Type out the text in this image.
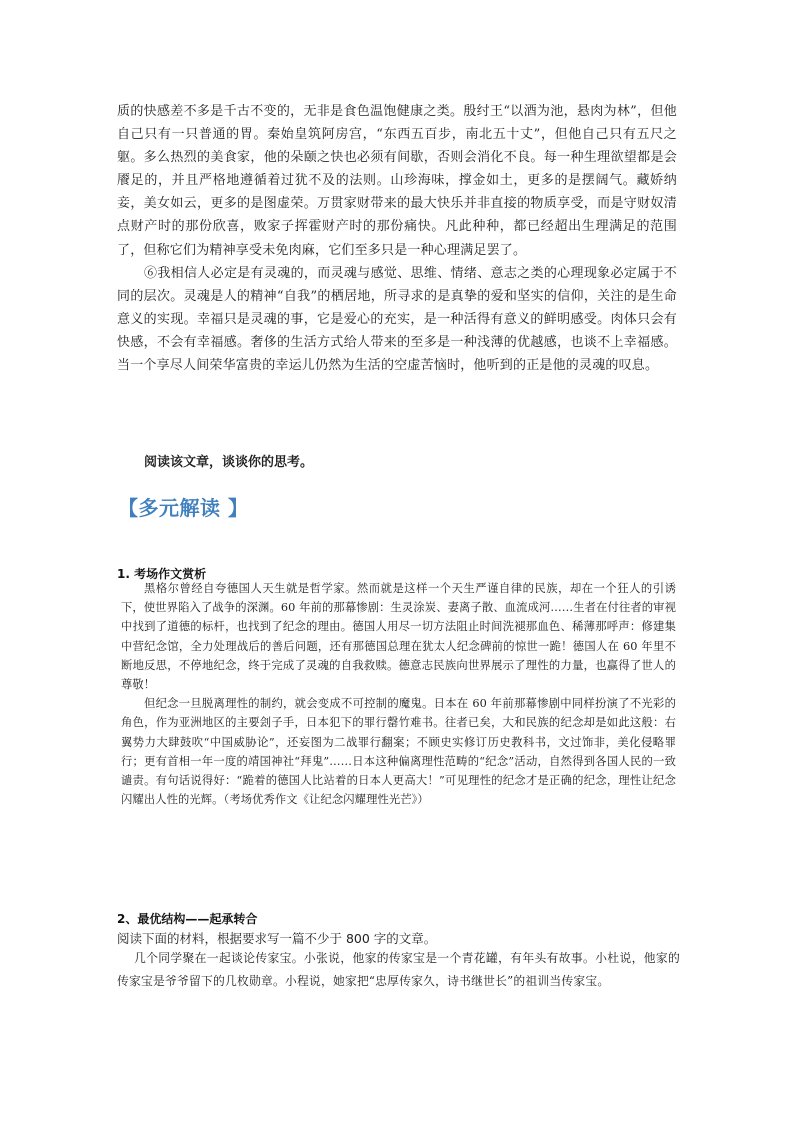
质的快感差不多是千古不变的，无非是食色温饱健康之类。殷纣王“以酒为池，悬肉为林”，但他自己只有一只普通的胃。秦始皇筑阿房宫，“东西五百步，南北五十丈”，但他自己只有五尺之躯。多么热烈的美食家，他的朵颐之快也必须有间歇，否则会消化不良。每一种生理欲望都是会餍足的，并且严格地遵循着过犹不及的法则。山珍海味，撑金如土，更多的是摆阔气。藏娇纳妾，美女如云，更多的是图虚荣。万贯家财带来的最大快乐并非直接的物质享受，而是守财奴清点财产时的那份欣喜，败家子挥霍财产时的那份痛快。凡此种种，都已经超出生理满足的范围了，但称它们为精神享受未免肉麻，它们至多只是一种心理满足罢了。

⑥我相信人必定是有灵魂的，而灵魂与感觉、思维、情绪、意志之类的心理现象必定属于不同的层次。灵魂是人的精神“自我”的栖居地，所寻求的是真挚的爱和坚实的信仰，关注的是生命意义的实现。幸福只是灵魂的事，它是爱心的充实，是一种活得有意义的鲜明感受。肉体只会有快感，不会有幸福感。奢侈的生活方式给人带来的至多是一种浅薄的优越感，也谈不上幸福感。当一个享尽人间荣华富贵的幸运儿仍然为生活的空虚苦恼时，他听到的正是他的灵魂的叹息。

阅读该文章，谈谈你的思考。
【多元解读 】
1. 考场作文赏析

黑格尔曾经自夸德国人天生就是哲学家。然而就是这样一个天生严谨自律的民族，却在一个狂人的引诱下，使世界陷入了战争的深渊。60 年前的那幕惨剧：生灵涂炭、妻离子散、血流成河……生者在付往者的审视中找到了道德的标杆，也找到了纪念的理由。德国人用尽一切方法阻止时间洗褪那血色、稀薄那呼声：修建集中营纪念馆，全力处理战后的善后问题，还有那德国总理在犹太人纪念碑前的惊世一跪！德国人在 60 年里不断地反思，不停地纪念，终于完成了灵魂的自我救赎。德意志民族向世界展示了理性的力量，也赢得了世人的尊敬！

但纪念一旦脱离理性的制约，就会变成不可控制的魔鬼。日本在 60 年前那幕惨剧中同样扮演了不光彩的角色，作为亚洲地区的主要刽子手，日本犯下的罪行罄竹难书。往者已矣，大和民族的纪念却是如此这般：右翼势力大肆鼓吹“中国威胁论”，还妄图为二战罪行翻案；不顾史实修订历史教科书，文过饰非，美化侵略罪行；更有首相一年一度的靖国神社“拜鬼”……日本这种偏离理性范畴的“纪念”活动，自然得到各国人民的一致谴责。有句话说得好：“跪着的德国人比站着的日本人更高大！”可见理性的纪念才是正确的纪念，理性让纪念闪耀出人性的光辉。（考场优秀作文《让纪念闪耀理性光芒》）

2、最优结构——起承转合
阅读下面的材料，根据要求写一篇不少于 800 字的文章。

几个同学聚在一起谈论传家宝。小张说，他家的传家宝是一个青花罐，有年头有故事。小杜说，他家的传家宝是爷爷留下的几枚勋章。小程说，她家把“忠厚传家久，诗书继世长”的祖训当传家宝。
